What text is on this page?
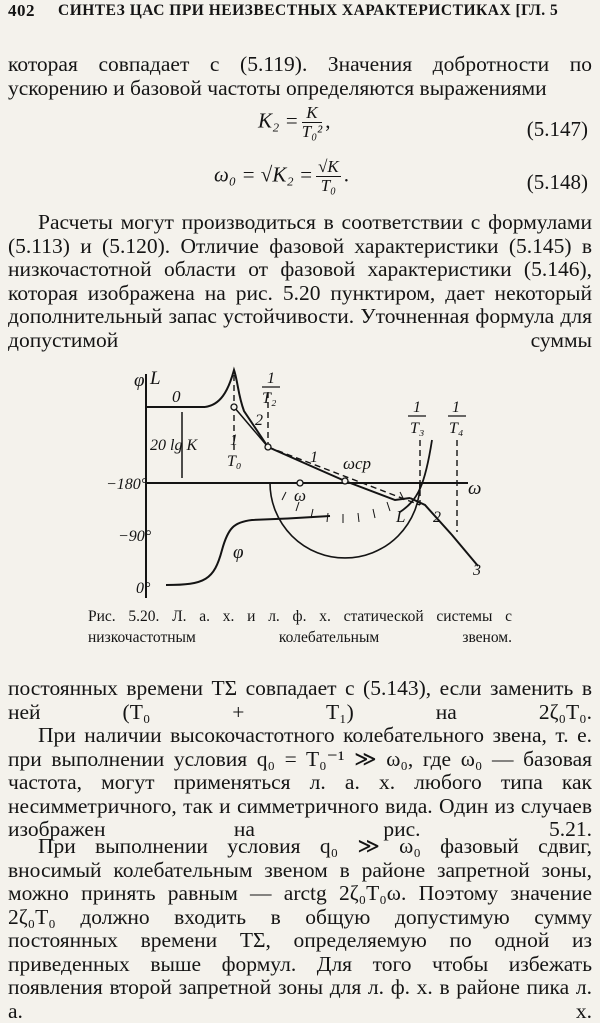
402 СИНТЕЗ ЦАС ПРИ НЕИЗВЕСТНЫХ ХАРАКТЕРИСТИКАХ [ГЛ. 5
которая совпадает с (5.119). Значения добротности по ускорению и базовой частоты определяются выражениями
$K_2 = \frac{K}{\text{T₀²}}$ ,	(5.147)
$\omega_0 = √K_2 = \frac{√K}{\text{T₀}}$ .	(5.148)
Расчеты могут производиться в соответствии с формулами (5.113) и (5.120). Отличие фазовой характеристики (5.145) в низкочастотной области от фазовой характеристики (5.146), которая изображена на рис. 5.20 пунктиром, дает некоторый дополнительный запас устойчивости. Уточненная формула для допустимой суммы
φ L
0
20 lg K 1
T₀
1
T₂
1
T₃
1
T₄
−180°
−90°
0°
ω
ω
ωср
1
2
2
3
L
φ
Рис. 5.20. Л. а. х. и л. ф. х. статической системы с низкочастотным колебательным звеном.
постоянных времени TΣ совпадает с (5.143), если заменить в ней (T₀ + T₁) на 2ζ₀T₀.
При наличии высокочастотного колебательного звена, т. е. при выполнении условия q₀ = T₀⁻¹ ≫ ω₀, где ω₀ — базовая частота, могут применяться л. а. х. любого типа как несимметричного, так и симметричного вида. Один из случаев изображен на рис. 5.21.
При выполнении условия q₀ ≫ ω₀ фазовый сдвиг, вносимый колебательным звеном в районе запретной зоны, можно принять равным — arctg 2ζ₀T₀ω. Поэтому значение 2ζ₀T₀ должно входить в общую допустимую сумму постоянных времени TΣ, определяемую по одной из приведенных выше формул. Для того чтобы избежать появления второй запретной зоны для л. ф. х. в районе пика л. а. х.
